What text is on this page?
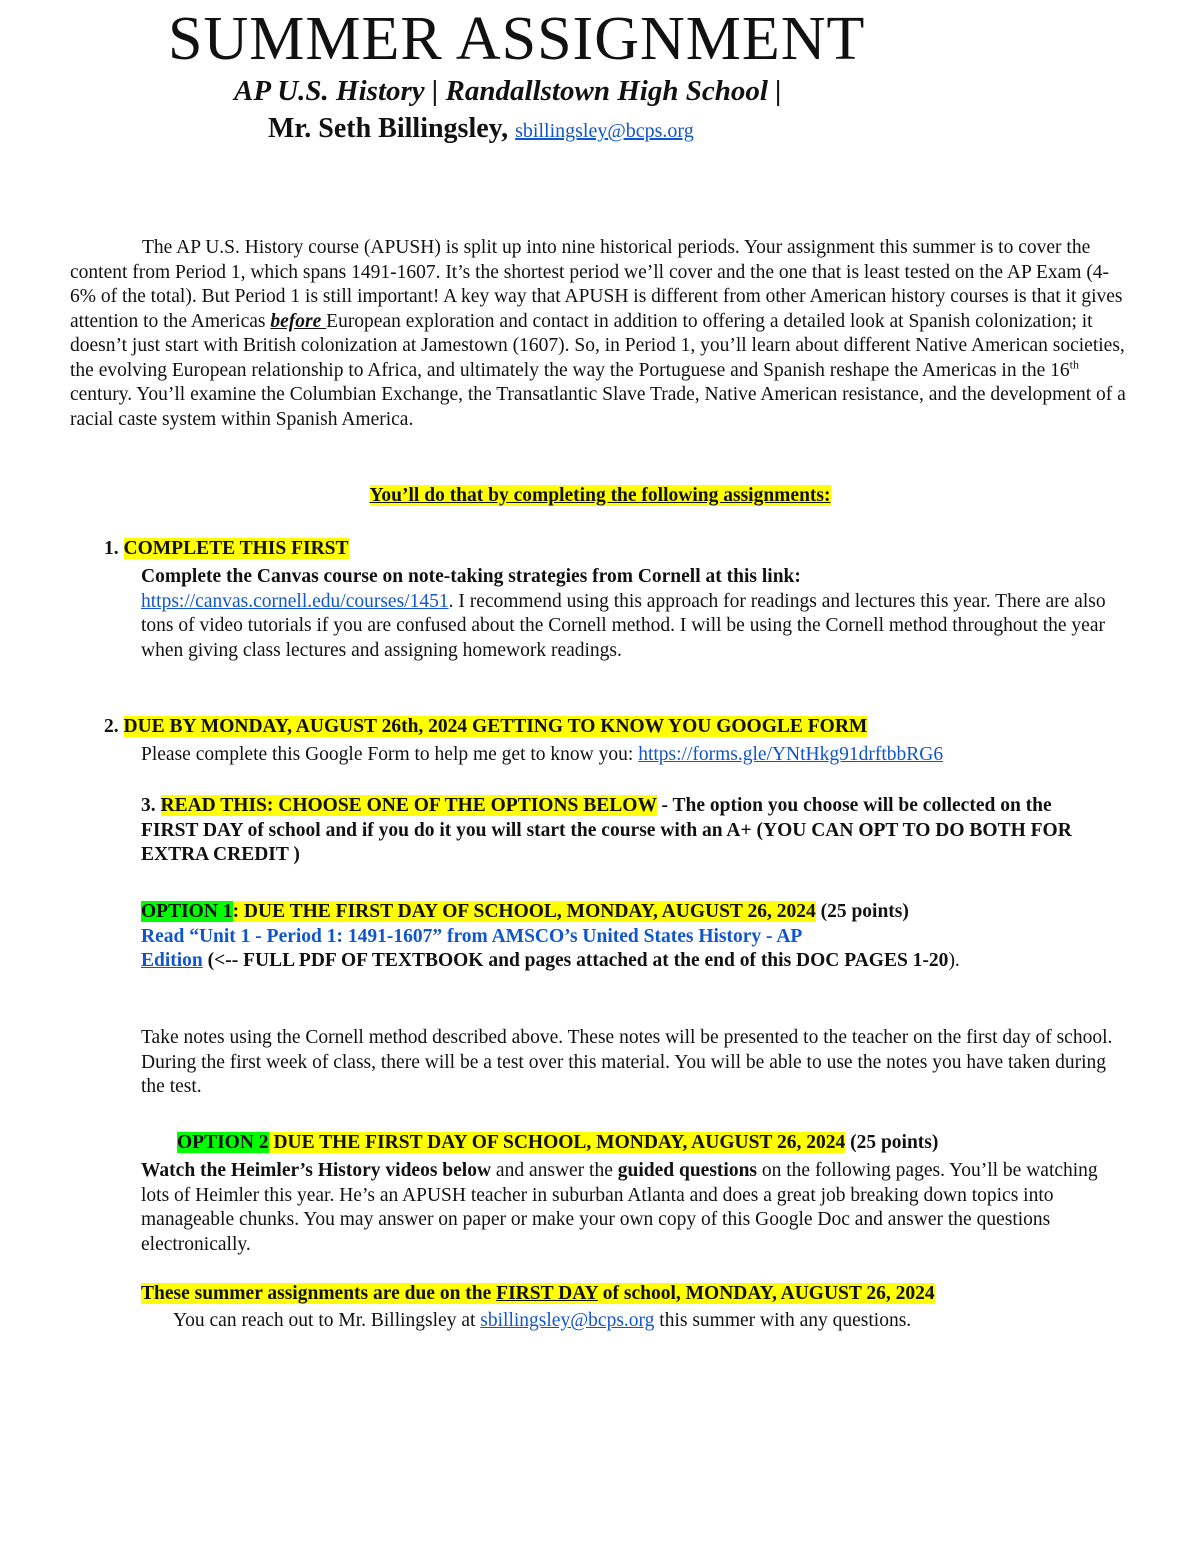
SUMMER ASSIGNMENT
AP U.S. History | Randallstown High School |
Mr. Seth Billingsley, sbillingsley@bcps.org
The AP U.S. History course (APUSH) is split up into nine historical periods. Your assignment this summer is to cover the content from Period 1, which spans 1491-1607. It’s the shortest period we’ll cover and the one that is least tested on the AP Exam (4-6% of the total). But Period 1 is still important! A key way that APUSH is different from other American history courses is that it gives attention to the Americas before European exploration and contact in addition to offering a detailed look at Spanish colonization; it doesn’t just start with British colonization at Jamestown (1607). So, in Period 1, you’ll learn about different Native American societies, the evolving European relationship to Africa, and ultimately the way the Portuguese and Spanish reshape the Americas in the 16th century. You’ll examine the Columbian Exchange, the Transatlantic Slave Trade, Native American resistance, and the development of a racial caste system within Spanish America.
You’ll do that by completing the following assignments:
1. COMPLETE THIS FIRST
Complete the Canvas course on note-taking strategies from Cornell at this link:
https://canvas.cornell.edu/courses/1451. I recommend using this approach for readings and lectures this year. There are also tons of video tutorials if you are confused about the Cornell method. I will be using the Cornell method throughout the year when giving class lectures and assigning homework readings.
2. DUE BY MONDAY, AUGUST 26th, 2024 GETTING TO KNOW YOU GOOGLE FORM
Please complete this Google Form to help me get to know you: https://forms.gle/YNtHkg91drftbbRG6
3. READ THIS: CHOOSE ONE OF THE OPTIONS BELOW - The option you choose will be collected on the FIRST DAY of school and if you do it you will start the course with an A+ (YOU CAN OPT TO DO BOTH FOR EXTRA CREDIT )
OPTION 1: DUE THE FIRST DAY OF SCHOOL, MONDAY, AUGUST 26, 2024 (25 points)
Read “Unit 1 - Period 1: 1491-1607” from AMSCO’s United States History - AP
Edition (<-- FULL PDF OF TEXTBOOK and pages attached at the end of this DOC PAGES 1-20).
Take notes using the Cornell method described above. These notes will be presented to the teacher on the first day of school. During the first week of class, there will be a test over this material. You will be able to use the notes you have taken during the test.
OPTION 2 DUE THE FIRST DAY OF SCHOOL, MONDAY, AUGUST 26, 2024 (25 points)
Watch the Heimler’s History videos below and answer the guided questions on the following pages. You’ll be watching lots of Heimler this year. He’s an APUSH teacher in suburban Atlanta and does a great job breaking down topics into manageable chunks. You may answer on paper or make your own copy of this Google Doc and answer the questions electronically.
These summer assignments are due on the FIRST DAY of school, MONDAY, AUGUST 26, 2024
You can reach out to Mr. Billingsley at sbillingsley@bcps.org this summer with any questions.
